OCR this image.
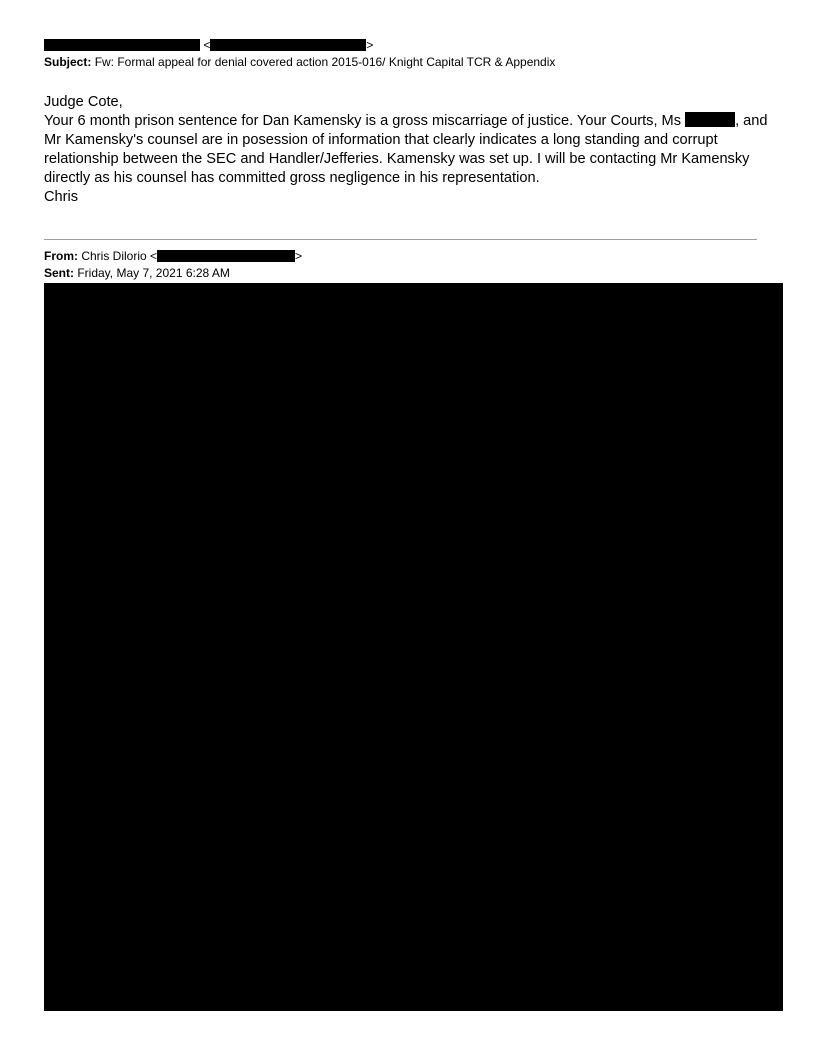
<	>
Subject: Fw: Formal appeal for denial covered action 2015-016/ Knight Capital TCR & Appendix
Judge Cote,
Your 6 month prison sentence for Dan Kamensky is a gross miscarriage of justice. Your Courts, Ms	, and Mr Kamensky's counsel are in posession of information that clearly indicates a long standing and corrupt relationship between the SEC and Handler/Jefferies. Kamensky was set up. I will be contacting Mr Kamensky directly as his counsel has committed gross negligence in his representation.
Chris
From: Chris Dilorio <	>
Sent: Friday, May 7, 2021 6:28 AM
